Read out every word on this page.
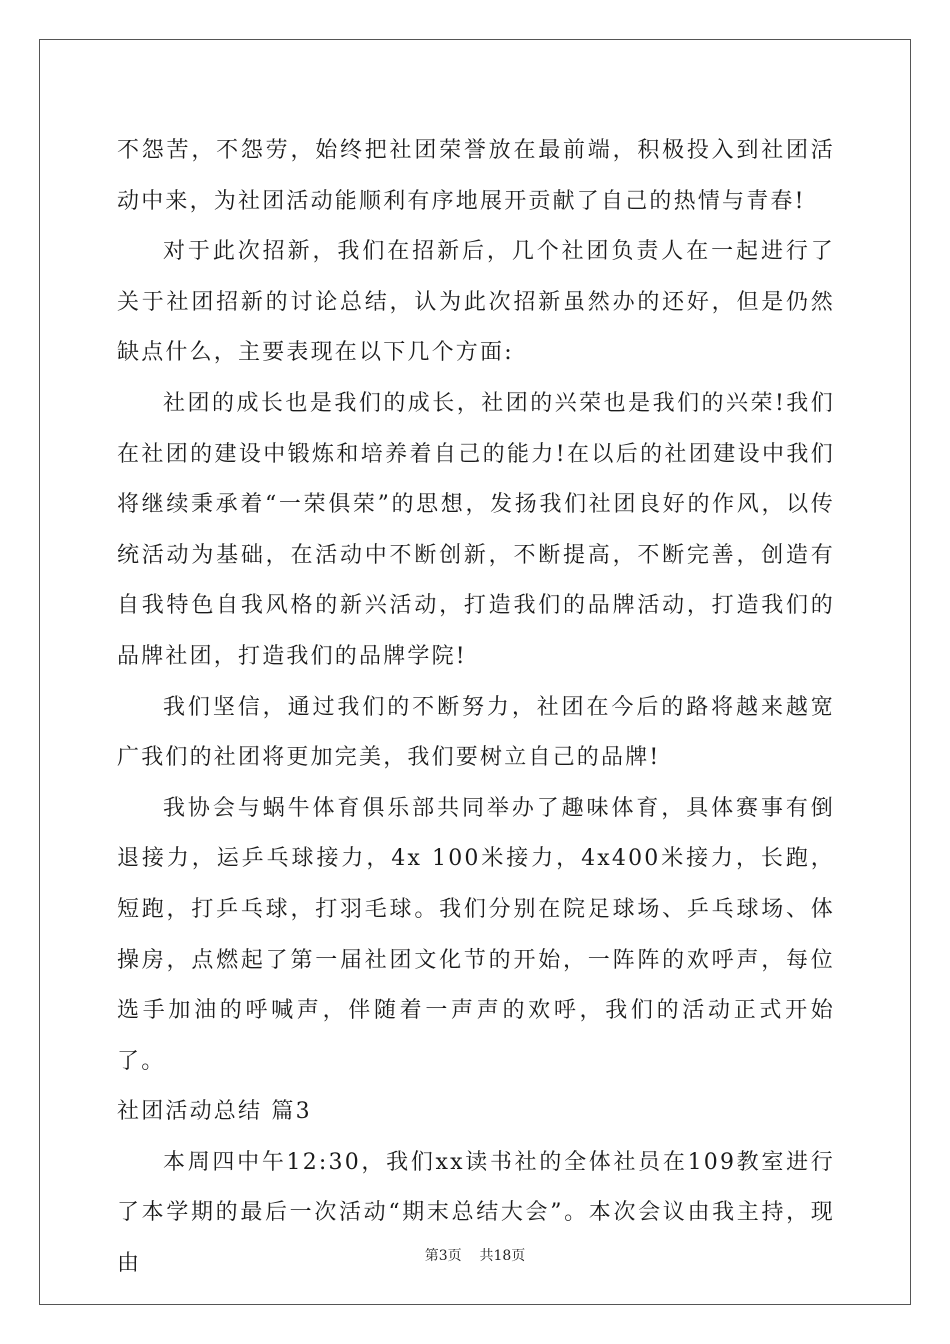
不怨苦，不怨劳，始终把社团荣誉放在最前端，积极投入到社团活动中来，为社团活动能顺利有序地展开贡献了自己的热情与青春!

对于此次招新，我们在招新后，几个社团负责人在一起进行了关于社团招新的讨论总结，认为此次招新虽然办的还好，但是仍然缺点什么，主要表现在以下几个方面:

社团的成长也是我们的成长，社团的兴荣也是我们的兴荣!我们在社团的建设中锻炼和培养着自己的能力!在以后的社团建设中我们将继续秉承着“一荣俱荣”的思想，发扬我们社团良好的作风，以传统活动为基础，在活动中不断创新，不断提高，不断完善，创造有自我特色自我风格的新兴活动，打造我们的品牌活动，打造我们的品牌社团，打造我们的品牌学院!

我们坚信，通过我们的不断努力，社团在今后的路将越来越宽广我们的社团将更加完美，我们要树立自己的品牌!

我协会与蜗牛体育俱乐部共同举办了趣味体育，具体赛事有倒退接力，运乒乓球接力，4x 100米接力，4x400米接力，长跑，短跑，打乒乓球，打羽毛球。我们分别在院足球场、乒乓球场、体操房，点燃起了第一届社团文化节的开始，一阵阵的欢呼声，每位选手加油的呼喊声，伴随着一声声的欢呼，我们的活动正式开始了。

社团活动总结 篇3

本周四中午12:30，我们xx读书社的全体社员在109教室进行了本学期的最后一次活动“期末总结大会”。本次会议由我主持，现由	第3页 共18页
